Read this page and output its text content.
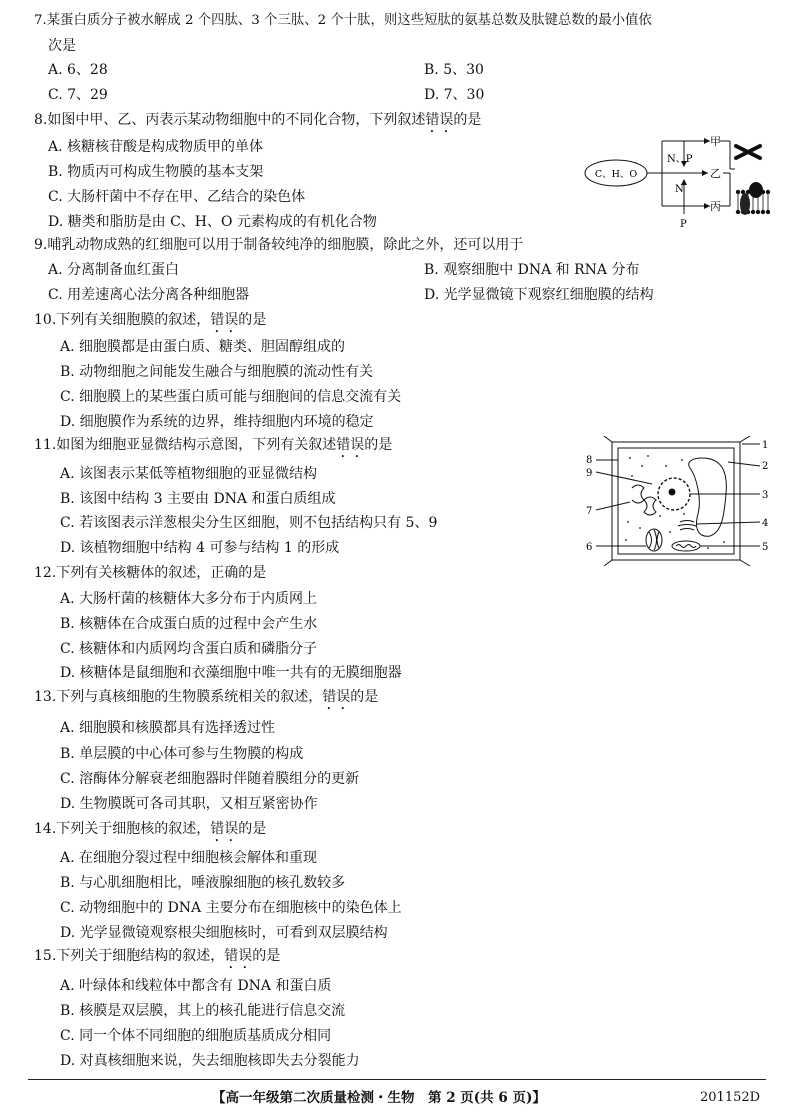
7.某蛋白质分子被水解成 2 个四肽、3 个三肽、2 个十肽，则这些短肽的氨基总数及肽键总数的最小值依
次是
A. 6、28	B. 5、30
C. 7、29	D. 7、30
8.如图中甲、乙、丙表示某动物细胞中的不同化合物，下列叙述错误的是
A. 核糖核苷酸是构成物质甲的单体
B. 物质丙可构成生物膜的基本支架
C. 大肠杆菌中不存在甲、乙结合的染色体
D. 糖类和脂肪是由 C、H、O 元素构成的有机化合物
C、H、O
N、P
N
P
甲
乙
丙
9.哺乳动物成熟的红细胞可以用于制备较纯净的细胞膜，除此之外，还可以用于
A. 分离制备血红蛋白	B. 观察细胞中 DNA 和 RNA 分布
C. 用差速离心法分离各种细胞器	D. 光学显微镜下观察红细胞膜的结构
10.下列有关细胞膜的叙述，错误的是
A. 细胞膜都是由蛋白质、糖类、胆固醇组成的
B. 动物细胞之间能发生融合与细胞膜的流动性有关
C. 细胞膜上的某些蛋白质可能与细胞间的信息交流有关
D. 细胞膜作为系统的边界，维持细胞内环境的稳定
11.如图为细胞亚显微结构示意图，下列有关叙述错误的是
A. 该图表示某低等植物细胞的亚显微结构
B. 该图中结构 3 主要由 DNA 和蛋白质组成
C. 若该图表示洋葱根尖分生区细胞，则不包括结构只有 5、9
D. 该植物细胞中结构 4 可参与结构 1 的形成
1
2
3
4
5
6
7
8
9
12.下列有关核糖体的叙述，正确的是
A. 大肠杆菌的核糖体大多分布于内质网上
B. 核糖体在合成蛋白质的过程中会产生水
C. 核糖体和内质网均含蛋白质和磷脂分子
D. 核糖体是鼠细胞和衣藻细胞中唯一共有的无膜细胞器
13.下列与真核细胞的生物膜系统相关的叙述，错误的是
A. 细胞膜和核膜都具有选择透过性
B. 单层膜的中心体可参与生物膜的构成
C. 溶酶体分解衰老细胞器时伴随着膜组分的更新
D. 生物膜既可各司其职，又相互紧密协作
14.下列关于细胞核的叙述，错误的是
A. 在细胞分裂过程中细胞核会解体和重现
B. 与心肌细胞相比，唾液腺细胞的核孔数较多
C. 动物细胞中的 DNA 主要分布在细胞核中的染色体上
D. 光学显微镜观察根尖细胞核时，可看到双层膜结构
15.下列关于细胞结构的叙述，错误的是
A. 叶绿体和线粒体中都含有 DNA 和蛋白质
B. 核膜是双层膜，其上的核孔能进行信息交流
C. 同一个体不同细胞的细胞质基质成分相同
D. 对真核细胞来说，失去细胞核即失去分裂能力
【高一年级第二次质量检测・生物　第 2 页(共 6 页)】	201152D
